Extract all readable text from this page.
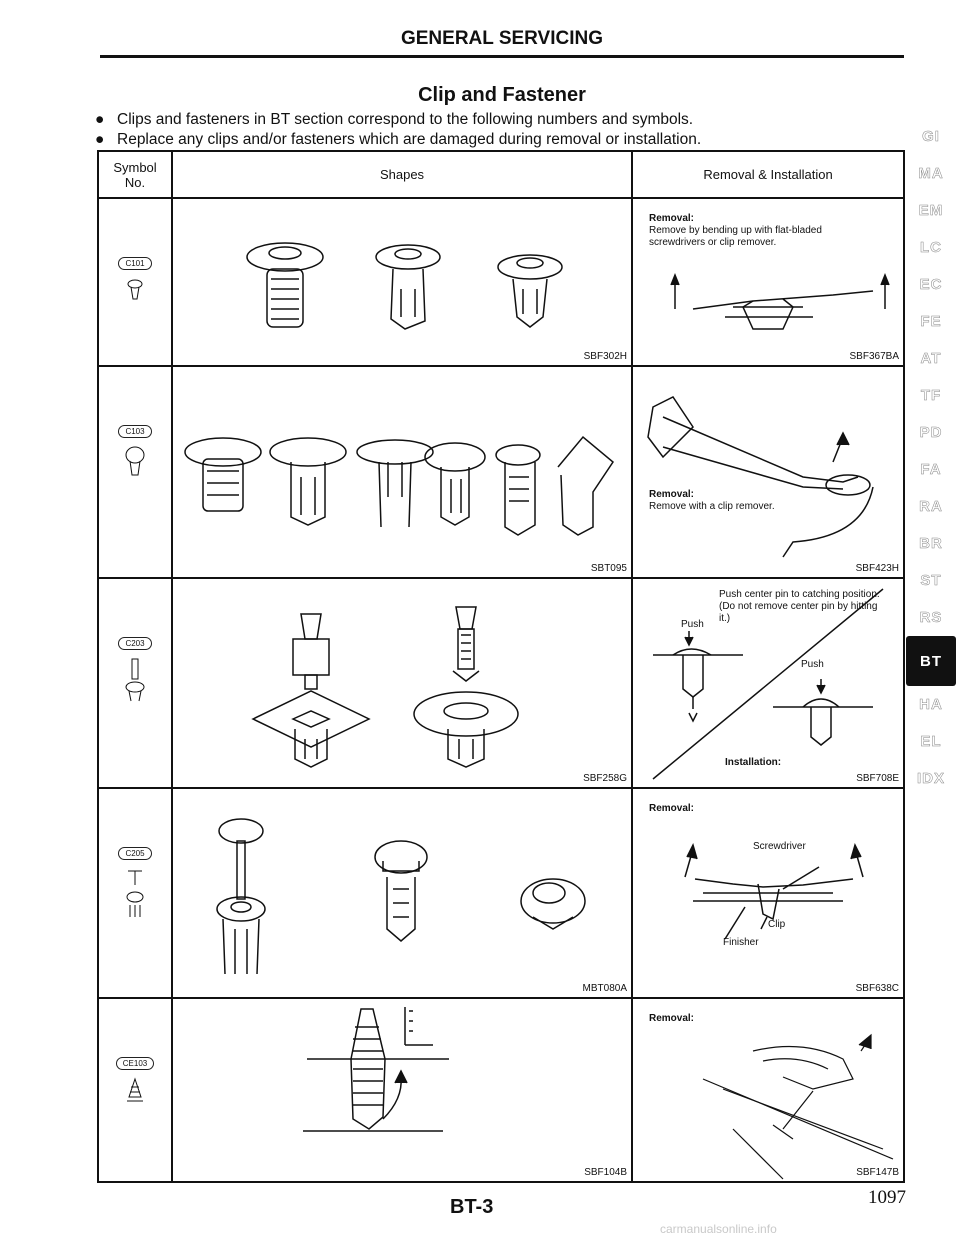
GENERAL SERVICING
Clip and Fastener
● Clips and fasteners in BT section correspond to the following numbers and symbols.
● Replace any clips and/or fasteners which are damaged during removal or installation.
Symbol
No.	Shapes	Removal & Installation
C101	SBF302H	Removal:
Remove by bending up with flat-bladed screwdrivers or clip remover.
SBF367BA

C103	SBT095	Removal:
Remove with a clip remover.
SBF423H

C203	SBF258G	Push center pin to catching position. (Do not remove center pin by hitting it.)
Push
Push
Installation:
SBF708E

C205	MBT080A	Removal:
Screwdriver
Clip
Finisher
SBF638C

CE103	SBF104B	Removal:
SBF147B
GI
MA
EM
LC
EC
FE
AT
TF
PD
FA
RA
BR
ST
RS
BT
HA
EL
IDX
BT-3	1097
carmanualsonline.info
